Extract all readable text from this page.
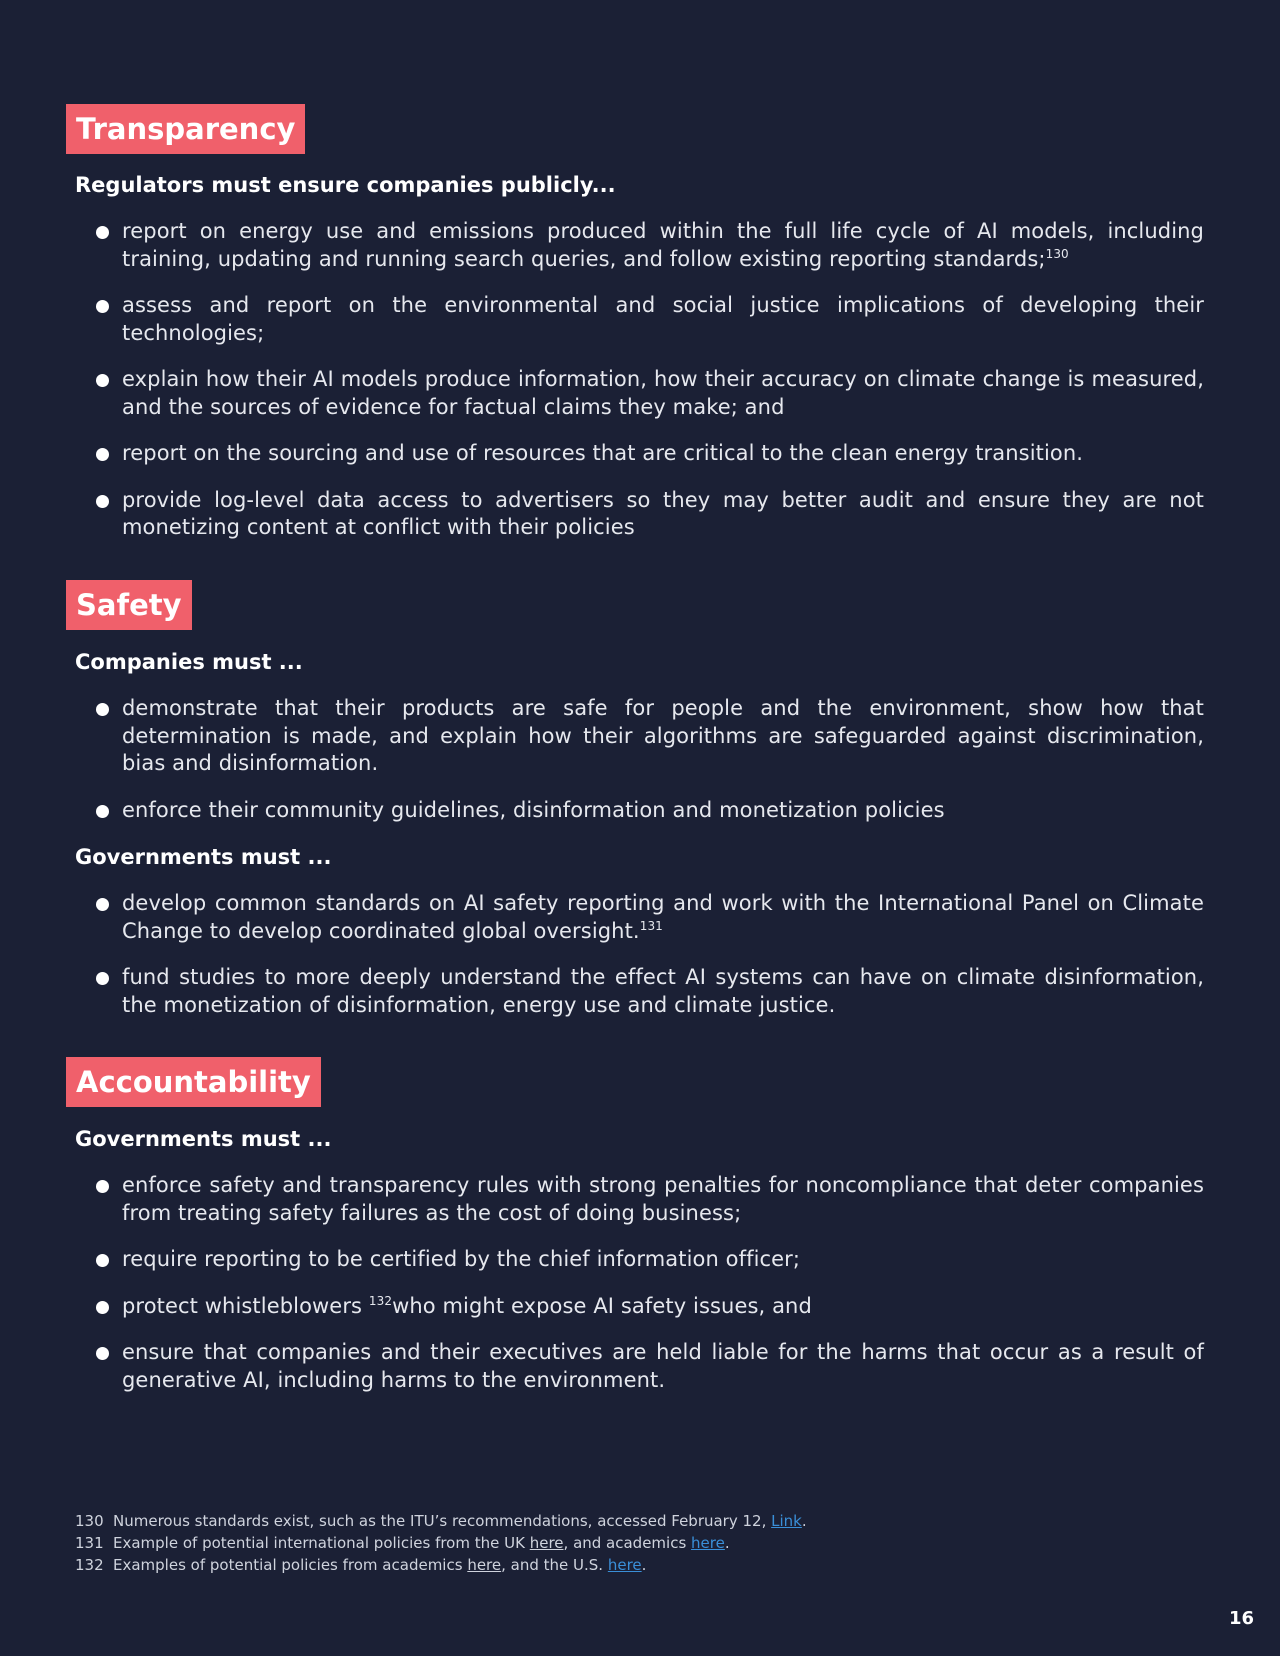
Transparency
Regulators must ensure companies publicly...
report on energy use and emissions produced within the full life cycle of AI models, including training, updating and running search queries, and follow existing reporting standards;$^{130}$
assess and report on the environmental and social justice implications of developing their technologies;
explain how their AI models produce information, how their accuracy on climate change is measured, and the sources of evidence for factual claims they make; and
report on the sourcing and use of resources that are critical to the clean energy transition.
provide log-level data access to advertisers so they may better audit and ensure they are not monetizing content at conflict with their policies
Safety
Companies must ...
demonstrate that their products are safe for people and the environment, show how that determination is made, and explain how their algorithms are safeguarded against discrimination, bias and disinformation.
enforce their community guidelines, disinformation and monetization policies
Governments must ...
develop common standards on AI safety reporting and work with the International Panel on Climate Change to develop coordinated global oversight.$^{131}$
fund studies to more deeply understand the effect AI systems can have on climate disinformation, the monetization of disinformation, energy use and climate justice.
Accountability
Governments must ...
enforce safety and transparency rules with strong penalties for noncompliance that deter companies from treating safety failures as the cost of doing business;
require reporting to be certified by the chief information officer;
protect whistleblowers $^{132}$who might expose AI safety issues, and
ensure that companies and their executives are held liable for the harms that occur as a result of generative AI, including harms to the environment.
130 Numerous standards exist, such as the ITU’s recommendations, accessed February 12, Link.
131 Example of potential international policies from the UK here, and academics here.
132 Examples of potential policies from academics here, and the U.S. here.
16
